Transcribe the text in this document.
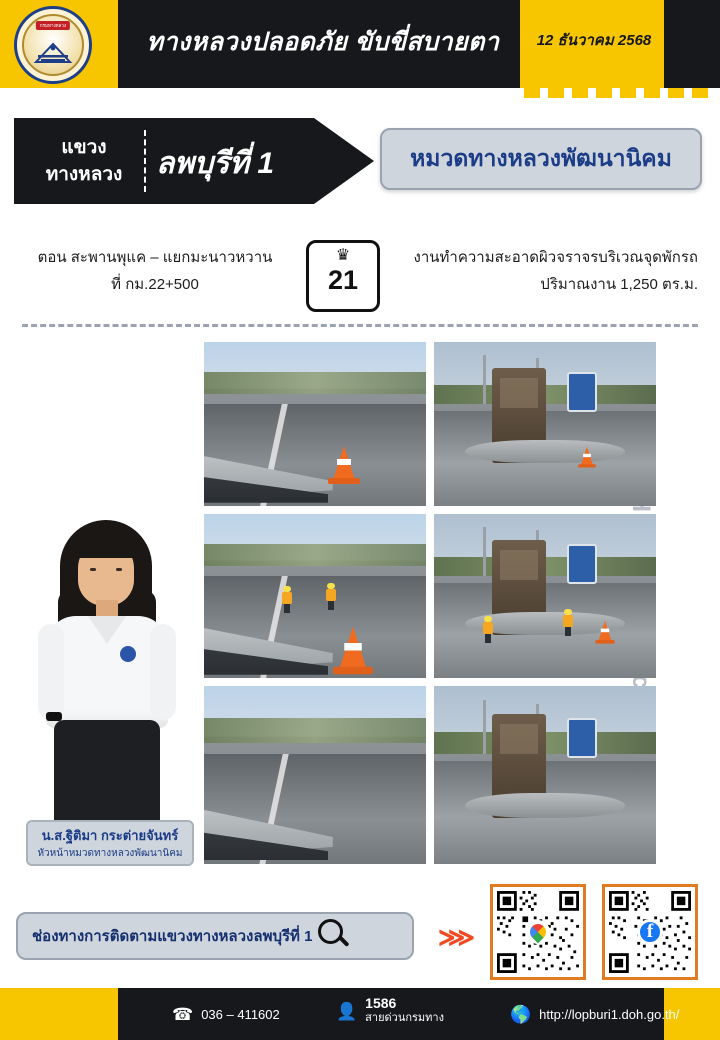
ทางหลวงปลอดภัย ขับขี่สบายตา	12 ธันวาคม 2568
กรมทางหลวง
แขวง
ทางหลวง	ลพบุรีที่ 1	หมวดทางหลวงพัฒนานิคม
ตอน สะพานพุแค – แยกมะนาวหวาน
ที่ กม.22+500
♛
21
งานทำความสะอาดผิวจราจรบริเวณจุดพักรถ
ปริมาณงาน 1,250 ตร.ม.
น.ส.ฐิติมา กระต่ายจันทร์
หัวหน้าหมวดทางหลวงพัฒนานิคม
ช่องทางการติดตามแขวงทางหลวงลพบุรีที่ 1	⋙	f
☎ 036 – 411602	👤 1586
สายด่วนกรมทาง	🌎 http://lopburi1.doh.go.th/
